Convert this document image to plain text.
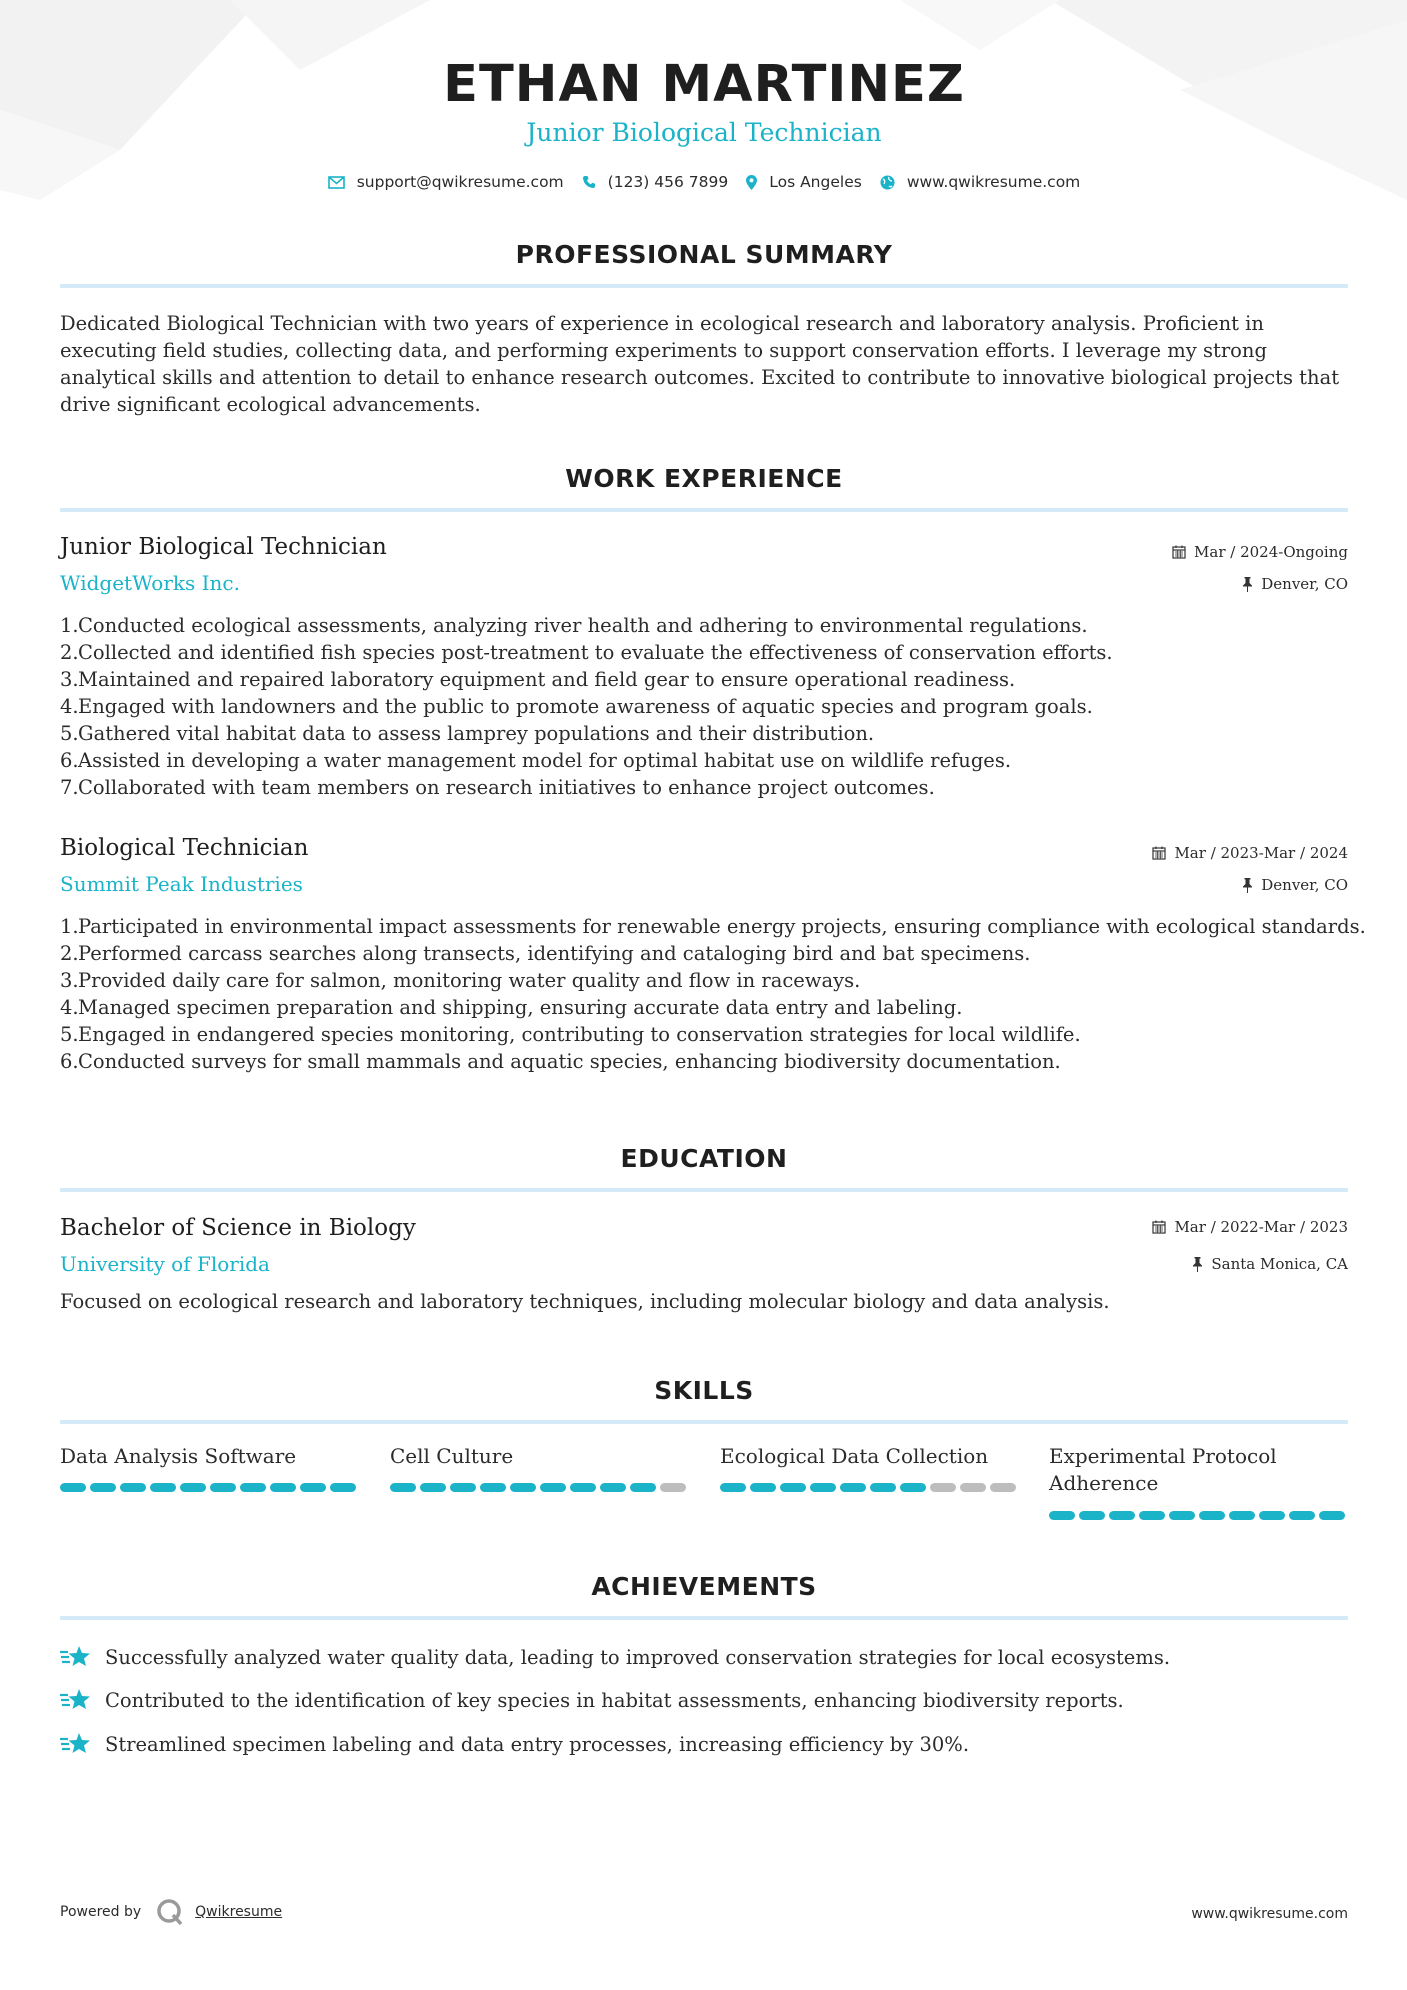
ETHAN MARTINEZ
Junior Biological Technician
support@qwikresume.com	(123) 456 7899	Los Angeles	www.qwikresume.com
PROFESSIONAL SUMMARY
Dedicated Biological Technician with two years of experience in ecological research and laboratory analysis. Proficient in executing field studies, collecting data, and performing experiments to support conservation efforts. I leverage my strong analytical skills and attention to detail to enhance research outcomes. Excited to contribute to innovative biological projects that drive significant ecological advancements.
WORK EXPERIENCE
Junior Biological Technician	Mar / 2024-Ongoing
WidgetWorks Inc.	Denver, CO
1.Conducted ecological assessments, analyzing river health and adhering to environmental regulations.
2.Collected and identified fish species post-treatment to evaluate the effectiveness of conservation efforts.
3.Maintained and repaired laboratory equipment and field gear to ensure operational readiness.
4.Engaged with landowners and the public to promote awareness of aquatic species and program goals.
5.Gathered vital habitat data to assess lamprey populations and their distribution.
6.Assisted in developing a water management model for optimal habitat use on wildlife refuges.
7.Collaborated with team members on research initiatives to enhance project outcomes.
Biological Technician	Mar / 2023-Mar / 2024
Summit Peak Industries	Denver, CO
1.Participated in environmental impact assessments for renewable energy projects, ensuring compliance with ecological standards.
2.Performed carcass searches along transects, identifying and cataloging bird and bat specimens.
3.Provided daily care for salmon, monitoring water quality and flow in raceways.
4.Managed specimen preparation and shipping, ensuring accurate data entry and labeling.
5.Engaged in endangered species monitoring, contributing to conservation strategies for local wildlife.
6.Conducted surveys for small mammals and aquatic species, enhancing biodiversity documentation.
EDUCATION
Bachelor of Science in Biology	Mar / 2022-Mar / 2023
University of Florida	Santa Monica, CA
Focused on ecological research and laboratory techniques, including molecular biology and data analysis.
SKILLS
Data Analysis Software	Cell Culture	Ecological Data Collection	Experimental Protocol Adherence
ACHIEVEMENTS
Successfully analyzed water quality data, leading to improved conservation strategies for local ecosystems.
Contributed to the identification of key species in habitat assessments, enhancing biodiversity reports.
Streamlined specimen labeling and data entry processes, increasing efficiency by 30%.
Powered by	Qwikresume	www.qwikresume.com
